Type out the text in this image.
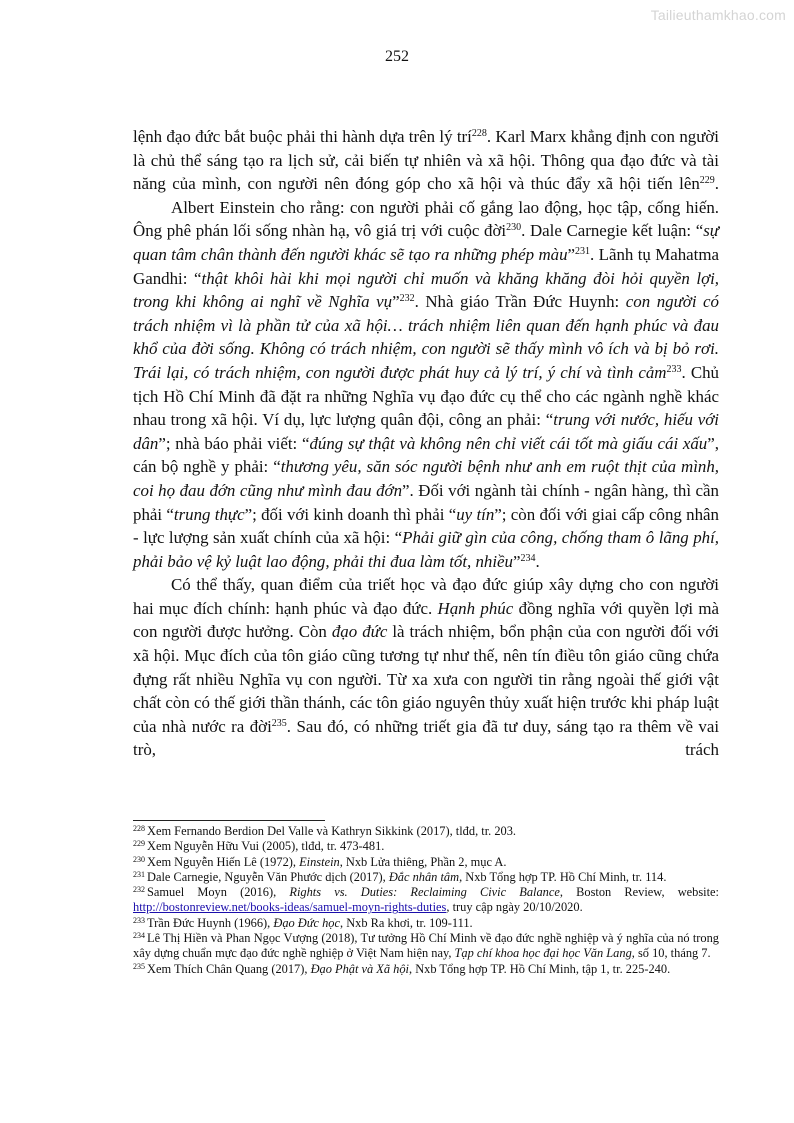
Tailieuthamkhao.com
252

lệnh đạo đức bắt buộc phải thi hành dựa trên lý trí$^{228}$. Karl Marx khẳng định con người là chủ thể sáng tạo ra lịch sử, cải biến tự nhiên và xã hội. Thông qua đạo đức và tài năng của mình, con người nên đóng góp cho xã hội và thúc đẩy xã hội tiến lên$^{229}$.

Albert Einstein cho rằng: con người phải cố gắng lao động, học tập, cống hiến. Ông phê phán lối sống nhàn hạ, vô giá trị với cuộc đời$^{230}$. Dale Carnegie kết luận: “sự quan tâm chân thành đến người khác sẽ tạo ra những phép màu”$^{231}$. Lãnh tụ Mahatma Gandhi: “thật khôi hài khi mọi người chỉ muốn và khăng khăng đòi hỏi quyền lợi, trong khi không ai nghĩ về Nghĩa vụ”$^{232}$. Nhà giáo Trần Đức Huynh: con người có trách nhiệm vì là phần tử của xã hội… trách nhiệm liên quan đến hạnh phúc và đau khổ của đời sống. Không có trách nhiệm, con người sẽ thấy mình vô ích và bị bỏ rơi. Trái lại, có trách nhiệm, con người được phát huy cả lý trí, ý chí và tình cảm$^{233}$. Chủ tịch Hồ Chí Minh đã đặt ra những Nghĩa vụ đạo đức cụ thể cho các ngành nghề khác nhau trong xã hội. Ví dụ, lực lượng quân đội, công an phải: “trung với nước, hiếu với dân”; nhà báo phải viết: “đúng sự thật và không nên chỉ viết cái tốt mà giấu cái xấu”, cán bộ nghề y phải: “thương yêu, săn sóc người bệnh như anh em ruột thịt của mình, coi họ đau đớn cũng như mình đau đớn”. Đối với ngành tài chính - ngân hàng, thì cần phải “trung thực”; đối với kinh doanh thì phải “uy tín”; còn đối với giai cấp công nhân - lực lượng sản xuất chính của xã hội: “Phải giữ gìn của công, chống tham ô lãng phí, phải bảo vệ kỷ luật lao động, phải thi đua làm tốt, nhiều”$^{234}$.

Có thể thấy, quan điểm của triết học và đạo đức giúp xây dựng cho con người hai mục đích chính: hạnh phúc và đạo đức. Hạnh phúc đồng nghĩa với quyền lợi mà con người được hưởng. Còn đạo đức là trách nhiệm, bổn phận của con người đối với xã hội. Mục đích của tôn giáo cũng tương tự như thế, nên tín điều tôn giáo cũng chứa đựng rất nhiều Nghĩa vụ con người. Từ xa xưa con người tin rằng ngoài thế giới vật chất còn có thế giới thần thánh, các tôn giáo nguyên thủy xuất hiện trước khi pháp luật của nhà nước ra đời$^{235}$. Sau đó, có những triết gia đã tư duy, sáng tạo ra thêm về vai trò, trách

$^{228}$ Xem Fernando Berdion Del Valle và Kathryn Sikkink (2017), tlđd, tr. 203.

$^{229}$ Xem Nguyễn Hữu Vui (2005), tlđd, tr. 473-481.

$^{230}$ Xem Nguyễn Hiến Lê (1972), Einstein, Nxb Lửa thiêng, Phần 2, mục A.

$^{231}$ Dale Carnegie, Nguyễn Văn Phước dịch (2017), Đắc nhân tâm, Nxb Tổng hợp TP. Hồ Chí Minh, tr. 114.

$^{232}$ Samuel Moyn (2016), Rights vs. Duties: Reclaiming Civic Balance, Boston Review, website: http://bostonreview.net/books-ideas/samuel-moyn-rights-duties, truy cập ngày 20/10/2020.

$^{233}$ Trần Đức Huynh (1966), Đạo Đức học, Nxb Ra khơi, tr. 109-111.

$^{234}$ Lê Thị Hiền và Phan Ngọc Vượng (2018), Tư tưởng Hồ Chí Minh về đạo đức nghề nghiệp và ý nghĩa của nó trong xây dựng chuẩn mực đạo đức nghề nghiệp ở Việt Nam hiện nay, Tạp chí khoa học đại học Văn Lang, số 10, tháng 7.

$^{235}$ Xem Thích Chân Quang (2017), Đạo Phật và Xã hội, Nxb Tổng hợp TP. Hồ Chí Minh, tập 1, tr. 225-240.
